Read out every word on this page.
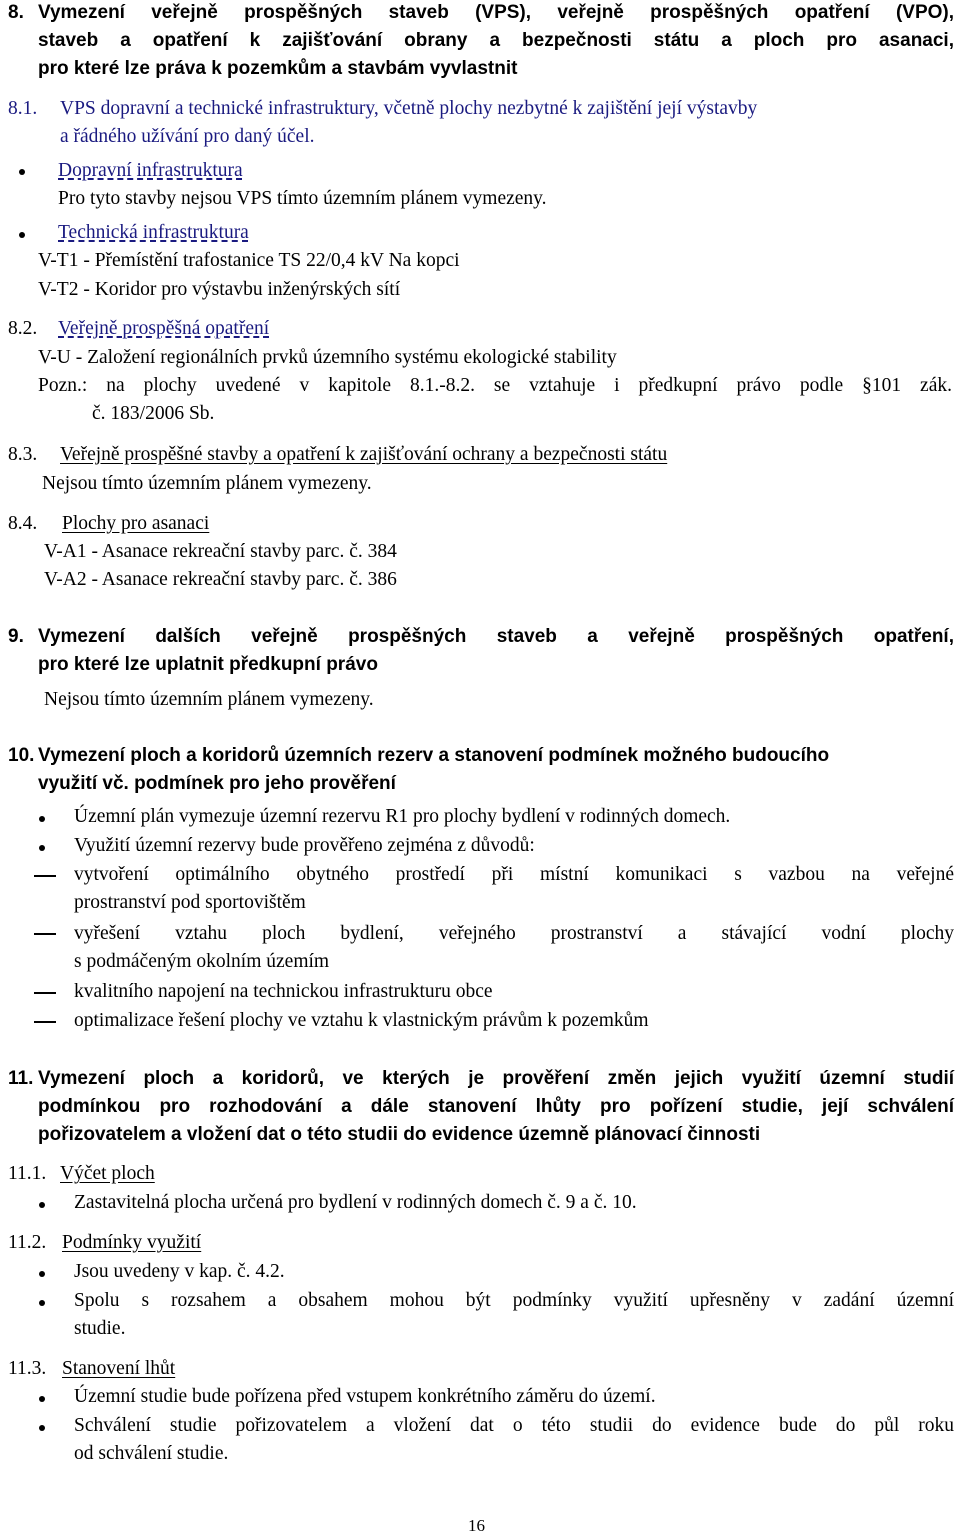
8. Vymezení veřejně prospěšných staveb (VPS), veřejně prospěšných opatření (VPO),
staveb a opatření k zajišťování obrany a bezpečnosti státu a ploch pro asanaci,
pro které lze práva k pozemkům a stavbám vyvlastnit
8.1. VPS dopravní a technické infrastruktury, včetně plochy nezbytné k zajištění její výstavby
a řádného užívání pro daný účel.
Dopravní infrastruktura
Pro tyto stavby nejsou VPS tímto územním plánem vymezeny.
Technická infrastruktura
V-T1 - Přemístění trafostanice TS 22/0,4 kV Na kopci
V-T2 - Koridor pro výstavbu inženýrských sítí
8.2. Veřejně prospěšná opatření
V-U - Založení regionálních prvků územního systému ekologické stability
Pozn.: na plochy uvedené v kapitole 8.1.-8.2. se vztahuje i předkupní právo podle §101 zák.
č. 183/2006 Sb.
8.3. Veřejně prospěšné stavby a opatření k zajišťování ochrany a bezpečnosti státu
Nejsou tímto územním plánem vymezeny.
8.4. Plochy pro asanaci
V-A1 - Asanace rekreační stavby parc. č. 384
V-A2 - Asanace rekreační stavby parc. č. 386
9. Vymezení dalších veřejně prospěšných staveb a veřejně prospěšných opatření,
pro které lze uplatnit předkupní právo
Nejsou tímto územním plánem vymezeny.
10. Vymezení ploch a koridorů územních rezerv a stanovení podmínek možného budoucího
využití vč. podmínek pro jeho prověření
Územní plán vymezuje územní rezervu R1 pro plochy bydlení v rodinných domech.
Využití územní rezervy bude prověřeno zejména z důvodů:
vytvoření optimálního obytného prostředí při místní komunikaci s vazbou na veřejné
prostranství pod sportovištěm
vyřešení vztahu ploch bydlení, veřejného prostranství a stávající vodní plochy
s podmáčeným okolním územím
kvalitního napojení na technickou infrastrukturu obce
optimalizace řešení plochy ve vztahu k vlastnickým právům k pozemkům
11. Vymezení ploch a koridorů, ve kterých je prověření změn jejich využití územní studií
podmínkou pro rozhodování a dále stanovení lhůty pro pořízení studie, její schválení
pořizovatelem a vložení dat o této studii do evidence územně plánovací činnosti
11.1. Výčet ploch
Zastavitelná plocha určená pro bydlení v rodinných domech č. 9 a č. 10.
11.2. Podmínky využití
Jsou uvedeny v kap. č. 4.2.
Spolu s rozsahem a obsahem mohou být podmínky využití upřesněny v zadání územní
studie.
11.3. Stanovení lhůt
Územní studie bude pořízena před vstupem konkrétního záměru do území.
Schválení studie pořizovatelem a vložení dat o této studii do evidence bude do půl roku
od schválení studie.
16
